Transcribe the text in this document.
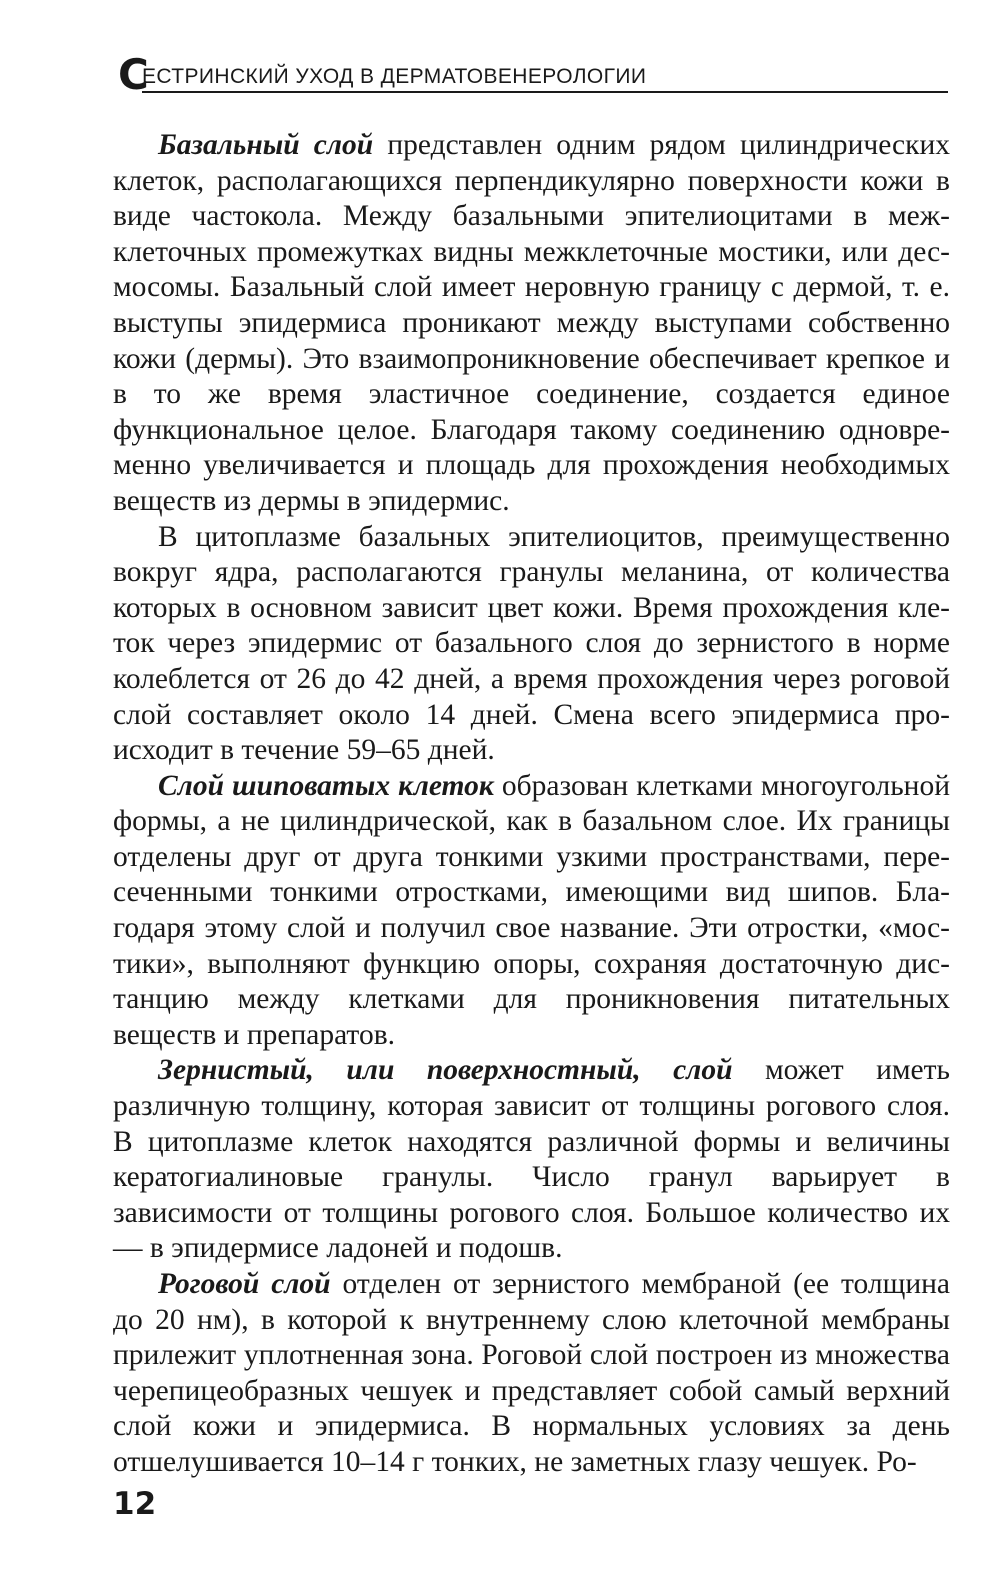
С
ЕСТРИНСКИЙ УХОД В ДЕРМАТОВЕНЕРОЛОГИИ

Базальный слой представлен одним рядом цилиндрических клеток, располагающихся перпендикулярно поверхности кожи в виде частокола. Между базальными эпителиоцитами в межклеточных промежутках видны межклеточные мостики, или десмосомы. Базальный слой имеет неровную границу с дермой, т. е. выступы эпидермиса проникают между выступами собственно кожи (дермы). Это взаимопроникновение обеспечивает крепкое и в то же время эластичное соединение, создается единое функциональное целое. Благодаря такому соединению одновременно увеличивается и площадь для прохождения необходимых веществ из дермы в эпидермис.

В цитоплазме базальных эпителиоцитов, преимущественно вокруг ядра, располагаются гранулы меланина, от количества которых в основном зависит цвет кожи. Время прохождения клеток через эпидермис от базального слоя до зернистого в норме колеблется от 26 до 42 дней, а время прохождения через роговой слой составляет около 14 дней. Смена всего эпидермиса происходит в течение 59–65 дней.

Слой шиповатых клеток образован клетками многоугольной формы, а не цилиндрической, как в базальном слое. Их границы отделены друг от друга тонкими узкими пространствами, пересеченными тонкими отростками, имеющими вид шипов. Благодаря этому слой и получил свое название. Эти отростки, «мостики», выполняют функцию опоры, сохраняя достаточную дистанцию между клетками для проникновения питательных веществ и препаратов.

Зернистый, или поверхностный, слой может иметь различную толщину, которая зависит от толщины рогового слоя. В цитоплазме клеток находятся различной формы и величины кератогиалиновые гранулы. Число гранул варьирует в зависимости от толщины рогового слоя. Большое количество их — в эпидермисе ладоней и подошв.

Роговой слой отделен от зернистого мембраной (ее толщина до 20 нм), в которой к внутреннему слою клеточной мембраны прилежит уплотненная зона. Роговой слой построен из множества черепицеобразных чешуек и представляет собой самый верхний слой кожи и эпидермиса. В нормальных условиях за день отшелушивается 10–14 г тонких, не заметных глазу чешуек. Ро-

12
